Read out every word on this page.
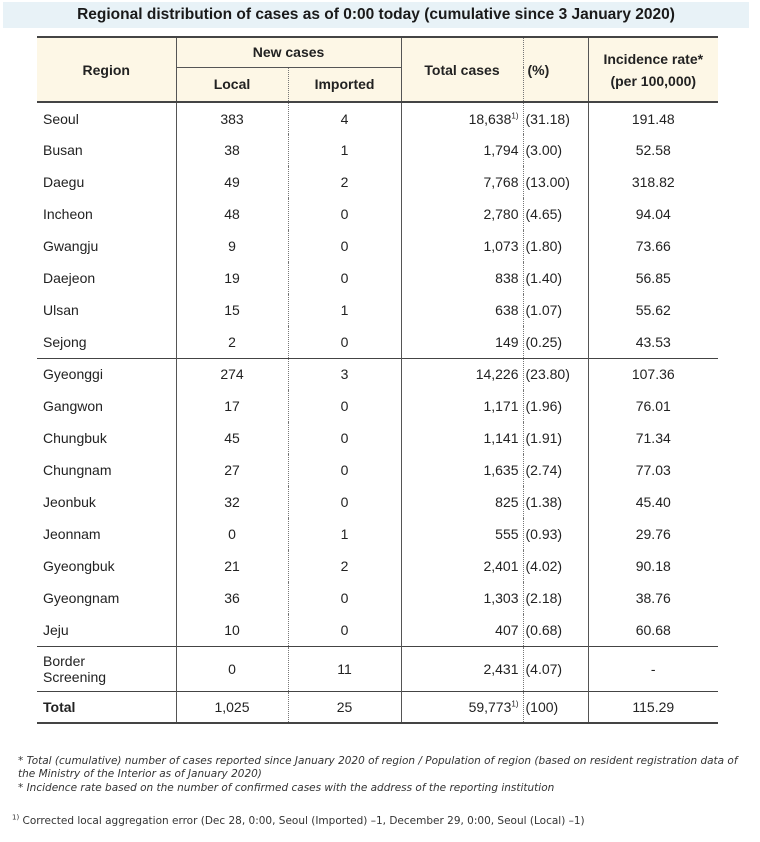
Regional distribution of cases as of 0:00 today (cumulative since 3 January 2020)
Region	New cases		Total cases	(%)	Incidence rate*
(per 100,000)

	Local	Imported			
Seoul	383	4	18,638$^{1)}$	(31.18)	191.48
Busan	38	1	1,794	(3.00)	52.58
Daegu	49	2	7,768	(13.00)	318.82
Incheon	48	0	2,780	(4.65)	94.04
Gwangju	9	0	1,073	(1.80)	73.66
Daejeon	19	0	838	(1.40)	56.85
Ulsan	15	1	638	(1.07)	55.62
Sejong	2	0	149	(0.25)	43.53
Gyeonggi	274	3	14,226	(23.80)	107.36
Gangwon	17	0	1,171	(1.96)	76.01
Chungbuk	45	0	1,141	(1.91)	71.34
Chungnam	27	0	1,635	(2.74)	77.03
Jeonbuk	32	0	825	(1.38)	45.40
Jeonnam	0	1	555	(0.93)	29.76
Gyeongbuk	21	2	2,401	(4.02)	90.18
Gyeongnam	36	0	1,303	(2.18)	38.76
Jeju	10	0	407	(0.68)	60.68

Border
Screening	0	11	2,431	(4.07)	-
Total	1,025	25	59,773$^{1)}$	(100)	115.29
* Total (cumulative) number of cases reported since January 2020 of region / Population of region (based on resident registration data of the Ministry of the Interior as of January 2020)
* Incidence rate based on the number of confirmed cases with the address of the reporting institution
$^{1)}$ Corrected local aggregation error (Dec 28, 0:00, Seoul (Imported) –1, December 29, 0:00, Seoul (Local) –1)
